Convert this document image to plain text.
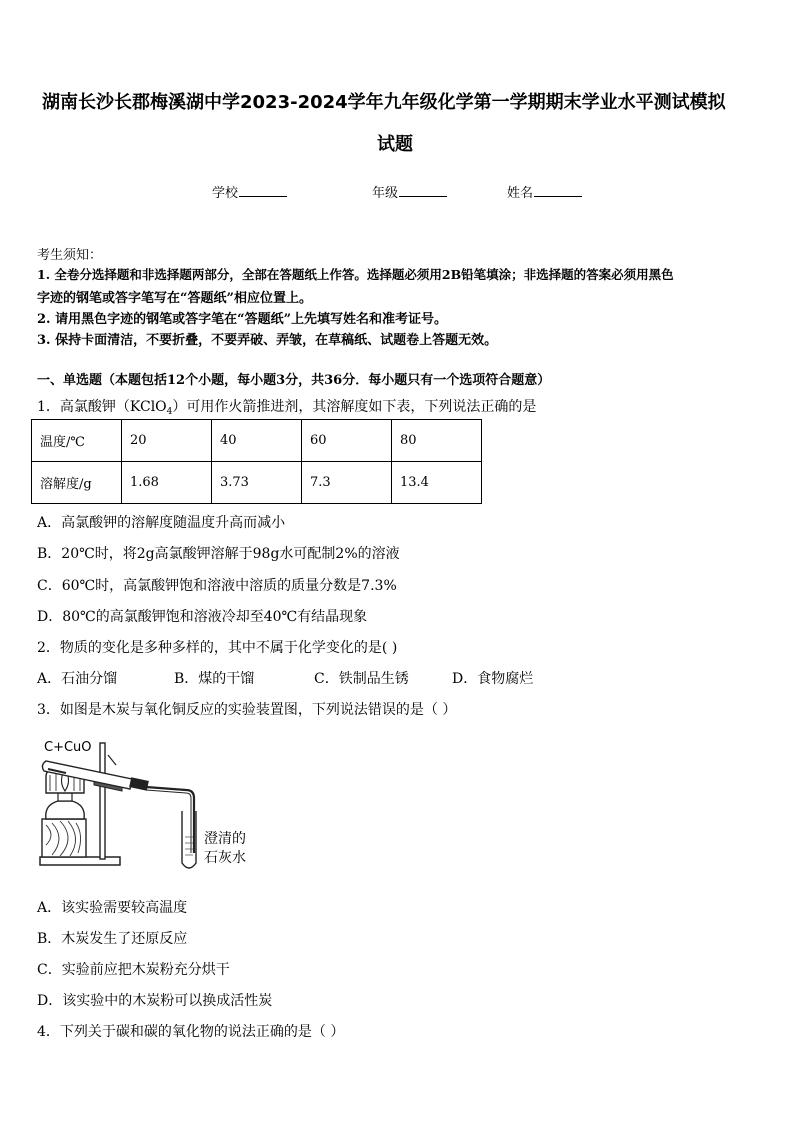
湖南长沙长郡梅溪湖中学2023-2024学年九年级化学第一学期期末学业水平测试模拟
试题
学校	年级	姓名
考生须知：
1. 全卷分选择题和非选择题两部分，全部在答题纸上作答。选择题必须用2B铅笔填涂；非选择题的答案必须用黑色
字迹的钢笔或答字笔写在“答题纸”相应位置上。
2. 请用黑色字迹的钢笔或答字笔在“答题纸”上先填写姓名和准考证号。
3. 保持卡面清洁，不要折叠，不要弄破、弄皱，在草稿纸、试题卷上答题无效。
一、单选题（本题包括12个小题，每小题3分，共36分．每小题只有一个选项符合题意）
1．高氯酸钾（KClO$_4$）可用作火箭推进剂，其溶解度如下表，下列说法正确的是
温度/℃	20	40	60	80
溶解度/g	1.68	3.73	7.3	13.4
A．高氯酸钾的溶解度随温度升高而减小
B．20℃时，将2g高氯酸钾溶解于98g水可配制2%的溶液
C．60℃时，高氯酸钾饱和溶液中溶质的质量分数是7.3%
D．80℃的高氯酸钾饱和溶液冷却至40℃有结晶现象
2．物质的变化是多种多样的，其中不属于化学变化的是( )
A．石油分馏	B．煤的干馏	C．铁制品生锈	D．食物腐烂
3．如图是木炭与氧化铜反应的实验装置图，下列说法错误的是（ ）
C+CuO
澄清的
石灰水
A．该实验需要较高温度
B．木炭发生了还原反应
C．实验前应把木炭粉充分烘干
D．该实验中的木炭粉可以换成活性炭
4．下列关于碳和碳的氧化物的说法正确的是（ ）
